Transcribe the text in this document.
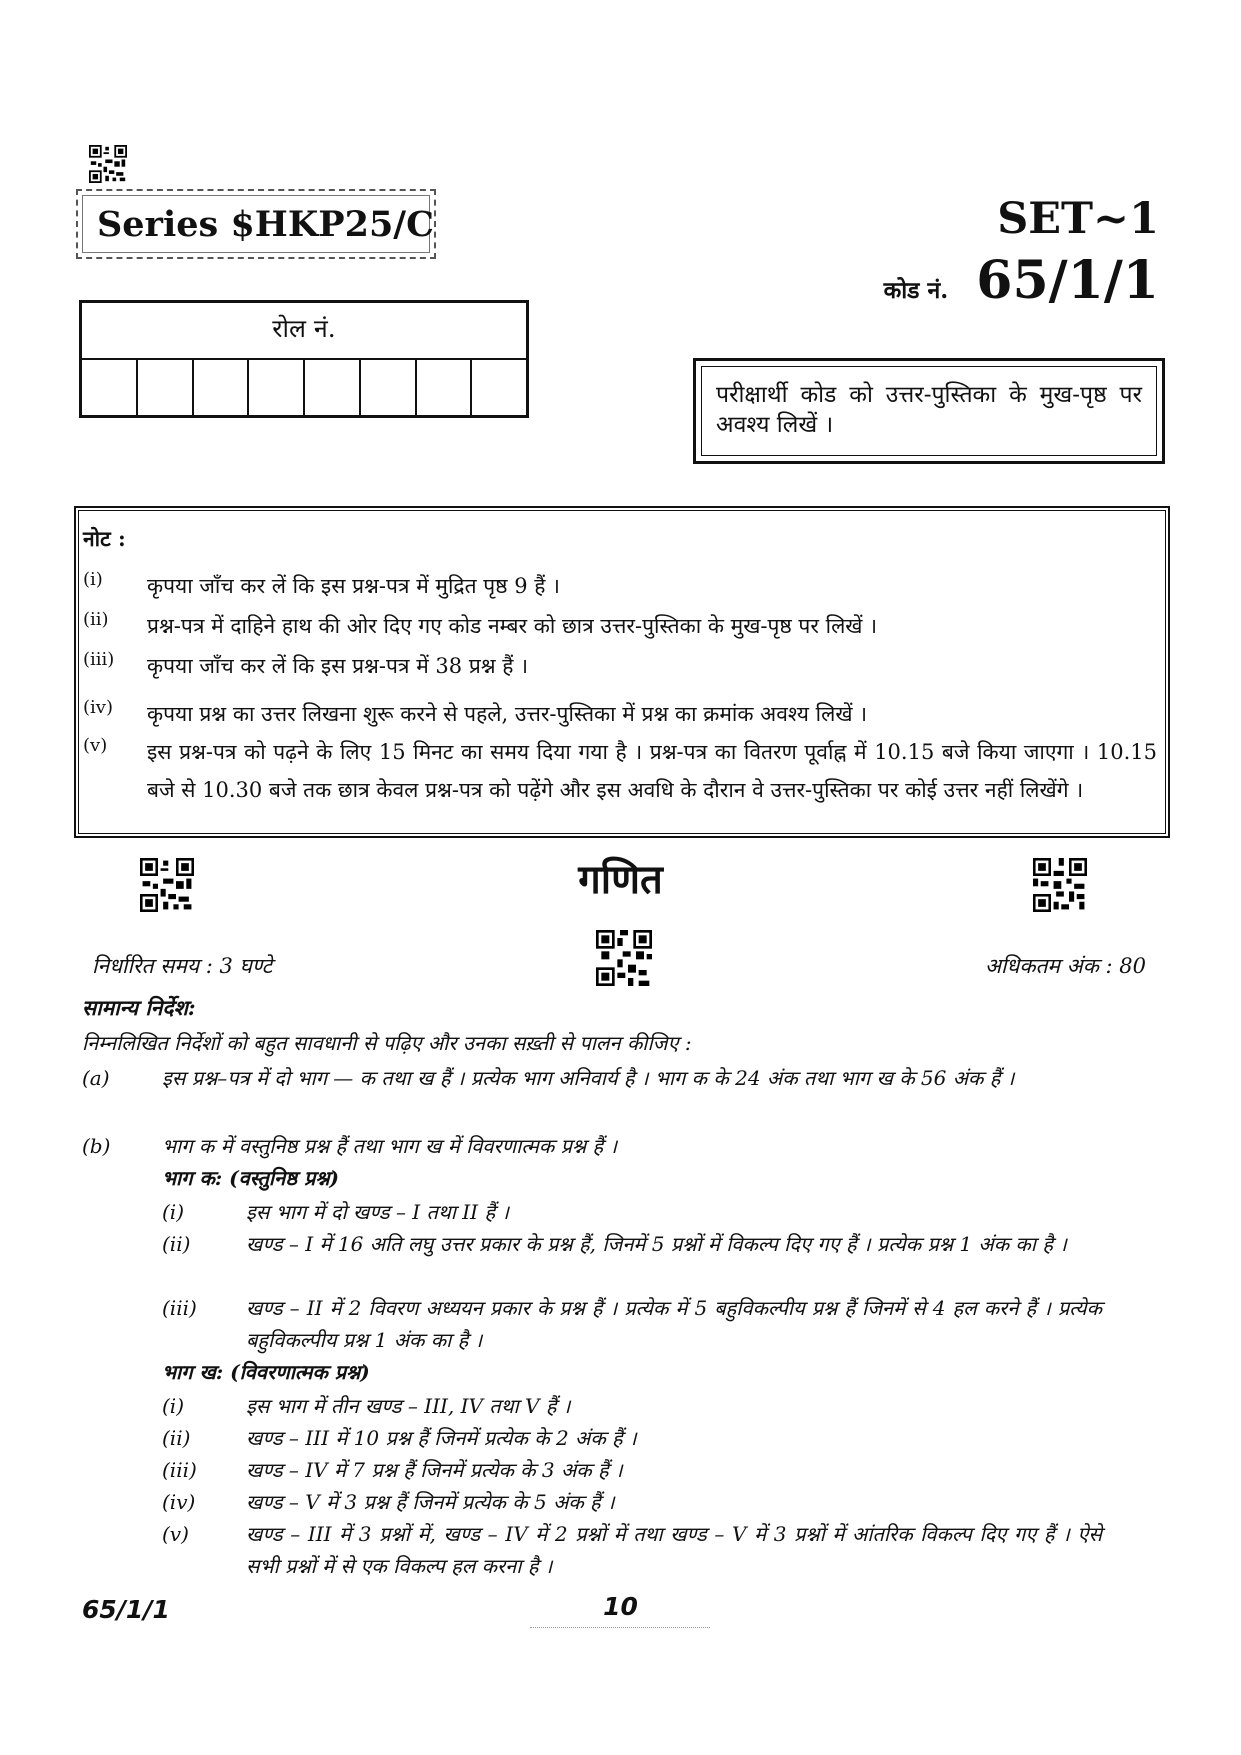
Series $HKP25/C	SET~1
कोड नं. 65/1/1
रोल नं.
परीक्षार्थी कोड को उत्तर-पुस्तिका के मुख-पृष्ठ पर अवश्य लिखें ।
नोट :
(i) कृपया जाँच कर लें कि इस प्रश्न-पत्र में मुद्रित पृष्ठ 9 हैं ।
(ii) प्रश्न-पत्र में दाहिने हाथ की ओर दिए गए कोड नम्बर को छात्र उत्तर-पुस्तिका के मुख-पृष्ठ पर लिखें ।
(iii) कृपया जाँच कर लें कि इस प्रश्न-पत्र में 38 प्रश्न हैं ।
(iv) कृपया प्रश्न का उत्तर लिखना शुरू करने से पहले, उत्तर-पुस्तिका में प्रश्न का क्रमांक अवश्य लिखें ।
(v) इस प्रश्न-पत्र को पढ़ने के लिए 15 मिनट का समय दिया गया है । प्रश्न-पत्र का वितरण पूर्वाह्न में 10.15 बजे किया जाएगा । 10.15 बजे से 10.30 बजे तक छात्र केवल प्रश्न-पत्र को पढ़ेंगे और इस अवधि के दौरान वे उत्तर-पुस्तिका पर कोई उत्तर नहीं लिखेंगे ।
गणित
निर्धारित समय : 3 घण्टे	अधिकतम अंक : 80
सामान्य निर्देश:
निम्नलिखित निर्देशों को बहुत सावधानी से पढ़िए और उनका सख़्ती से पालन कीजिए :
(a)	इस प्रश्न–पत्र में दो भाग — क तथा ख हैं । प्रत्येक भाग अनिवार्य है । भाग क के 24 अंक तथा भाग ख के 56 अंक हैं ।
(b)	भाग क में वस्तुनिष्ठ प्रश्न हैं तथा भाग ख में विवरणात्मक प्रश्न हैं ।
भाग क: (वस्तुनिष्ठ प्रश्न)
(i)	इस भाग में दो खण्ड – I तथा II हैं ।
(ii)	खण्ड – I में 16 अति लघु उत्तर प्रकार के प्रश्न हैं, जिनमें 5 प्रश्नों में विकल्प दिए गए हैं । प्रत्येक प्रश्न 1 अंक का है ।
(iii) खण्ड – II में 2 विवरण अध्ययन प्रकार के प्रश्न हैं । प्रत्येक में 5 बहुविकल्पीय प्रश्न हैं जिनमें से 4 हल करने हैं । प्रत्येक बहुविकल्पीय प्रश्न 1 अंक का है ।
भाग ख: (विवरणात्मक प्रश्न)
(i)	इस भाग में तीन खण्ड – III, IV तथा V हैं ।
(ii)	खण्ड – III में 10 प्रश्न हैं जिनमें प्रत्येक के 2 अंक हैं ।
(iii) खण्ड – IV में 7 प्रश्न हैं जिनमें प्रत्येक के 3 अंक हैं ।
(iv)	खण्ड – V में 3 प्रश्न हैं जिनमें प्रत्येक के 5 अंक हैं ।
(v)	खण्ड – III में 3 प्रश्नों में, खण्ड – IV में 2 प्रश्नों में तथा खण्ड – V में 3 प्रश्नों में आंतरिक विकल्प दिए गए हैं । ऐसे सभी प्रश्नों में से एक विकल्प हल करना है ।
65/1/1	10
